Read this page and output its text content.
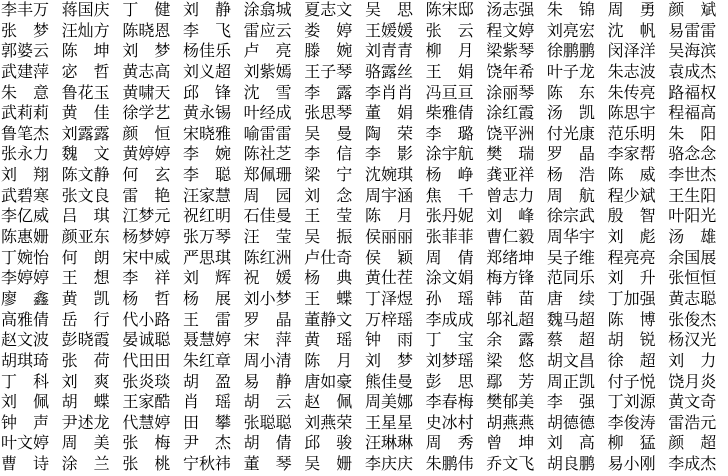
李丰万 蒋国庆 丁　健 刘　静 涂翕城 夏志文 吴　思 陈宋邸 汤志强 朱　锦 周　勇 颜　斌
张　梦 汪灿方 陈晓恩 李　飞 雷应云 娄　婷 王媛媛 张　云 程文婷 刘亮宏 沈　帆 易雷雷
郭婆云 陈　坤 刘　梦 杨佳乐 卢　亮 滕　婉 刘青青 柳　月 梁紫琴 徐鹏鹏 闵泽洋 吴海滨
武建萍 宓　哲 黄志高 刘义超 刘紫嫣 王子琴 骆露丝 王　娟 饶年希 叶子龙 朱志波 袁成杰
朱　意 鲁花玉 黄啸天 邱　锋 沈　雪 李　露 李肖肖 冯亘亘 涂丽琴 陈　东 朱传亮 路福权
武莉莉 黄　佳 徐学艺 黄永锡 叶经成 张思琴 董　娟 柴雅倩 涂红霞 汤　凯 陈思宇 程福高
鲁笔杰 刘露露 颜　恒 宋晓雅 喻雷雷 吴　曼 陶　荣 李　璐 饶平洲 付光康 范乐明 朱　阳
张永力 魏　文 黄婷婷 李　婉 陈社芝 李　信 李　影 涂宇航 樊　瑞 罗　晶 李家帮 骆念念
刘　翔 陈文静 何　玄 李　聪 郑佩珊 梁　宁 沈婉琪 杨　峥 龚亚祥 杨　浩 陈　威 李世杰
武碧寒 张文良 雷　艳 汪家慧 周　园 刘　念 周宇涵 焦　千 曾志力 周　航 程少斌 王生阳
李亿威 吕　琪 江梦元 祝红明 石佳曼 王　莹 陈　月 张丹妮 刘　峰 徐宗武 殷　智 叶阳光
陈惠姗 颜亚东 杨梦婷 张万琴 汪　莹 吴　振 侯丽丽 张菲菲 曹仁毅 周华宇 刘　彪 汤　雄
丁婉怡 何　朗 宋中威 严思琪 陈红洲 卢仕奇 侯　颖 周　倩 郑绪坤 吴子维 程亮亮 余国展
李婷婷 王　想 李　祥 刘　辉 祝　媛 杨　典 黄仕茬 涂文娟 梅方锋 范同乐 刘　升 张恒恒
廖　鑫 黄　凯 杨　哲 杨　展 刘小梦 王　蝶 丁泽煜 孙　瑶 韩　苗 唐　续 丁加强 黄志聪
高雅倩 岳　行 代小路 王　雷 罗　晶 董静文 万梓瑶 李成成 邬礼超 魏马超 陈　博 张俊杰
赵文波 彭晓霞 晏诚聪 聂慧婷 宋　萍 黄　瑶 钟　雨 丁　宝 余　露 蔡　超 胡　锐 杨汉光
胡琪琦 张　荷 代田田 朱红章 周小清 陈　月 刘　梦 刘梦瑶 梁　悠 胡文昌 徐　超 刘　力
丁　科 刘　爽 张炎琰 胡　盈 易　静 唐如豪 熊佳曼 彭　思 鄢　芳 周正凯 付子悦 饶月炎
刘　佩 胡　蝶 王家酷 肖　瑶 胡　云 赵　佩 周美娜 李春梅 樊郁美 李　强 丁刘源 黄文奇
钟　声 尹述龙 代慧婷 田　攀 张聪聪 刘燕荣 王星星 史冰村 胡燕燕 胡德德 李俊涛 雷浩元
叶文婷 周　美 张　梅 尹　杰 胡　倩 邱　骏 汪琳琳 周　秀 曾　坤 刘　高 柳　猛 颜　超
曹　诗 涂　兰 张　桃 宁秋祎 董　琴 吴　姗 李庆庆 朱鹏伟 乔文飞 胡良鹏 易小刚 李成杰
